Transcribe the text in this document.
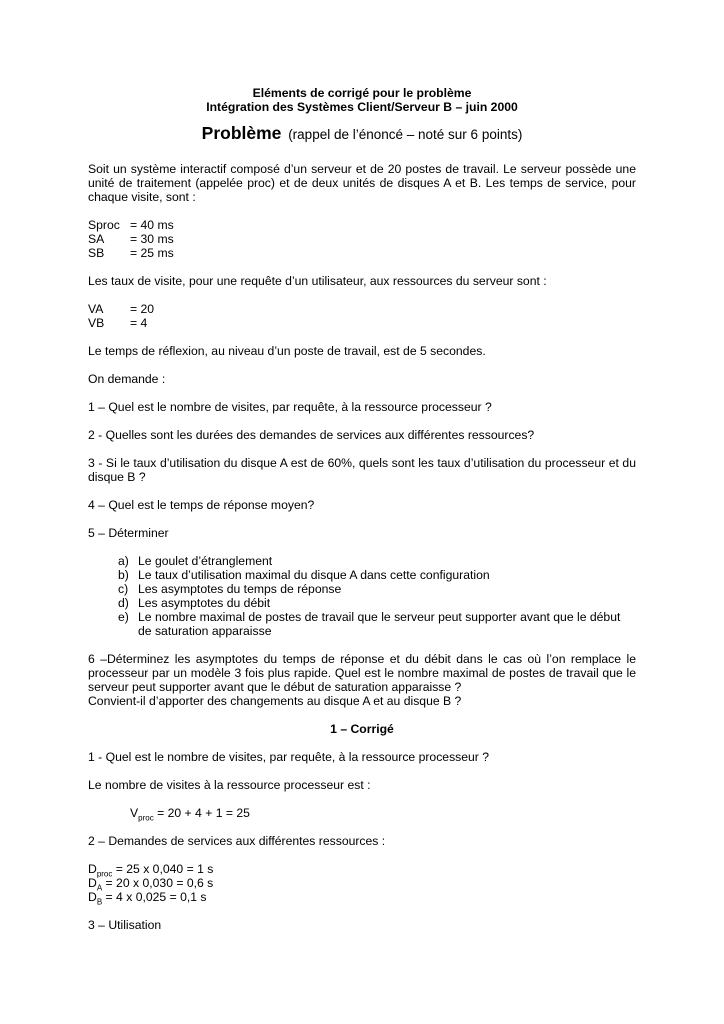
Eléments de corrigé pour le problème

Intégration des Systèmes Client/Serveur B – juin 2000

Problème (rappel de l’énoncé – noté sur 6 points)

Soit un système interactif composé d’un serveur et de 20 postes de travail. Le serveur possède une unité de traitement (appelée proc) et de deux unités de disques A et B. Les temps de service, pour chaque visite, sont :

Sproc = 40 ms
SA	= 30 ms
SB	= 25 ms

Les taux de visite, pour une requête d’un utilisateur, aux ressources du serveur sont :

VA	= 20
VB	= 4

Le temps de réflexion, au niveau d’un poste de travail, est de 5 secondes.

On demande :

1 – Quel est le nombre de visites, par requête, à la ressource processeur ?

2 - Quelles sont les durées des demandes de services aux différentes ressources?

3 - Si le taux d’utilisation du disque A est de 60%, quels sont les taux d’utilisation du processeur et du disque B ?

4 – Quel est le temps de réponse moyen?

5 – Déterminer

a) Le goulet d’étranglement
b) Le taux d’utilisation maximal du disque A dans cette configuration
c) Les asymptotes du temps de réponse
d) Les asymptotes du débit
e) Le nombre maximal de postes de travail que le serveur peut supporter avant que le début de saturation apparaisse

6 –Déterminez les asymptotes du temps de réponse et du débit dans le cas où l’on remplace le processeur par un modèle 3 fois plus rapide. Quel est le nombre maximal de postes de travail que le serveur peut supporter avant que le début de saturation apparaisse ?

Convient-il d’apporter des changements au disque A et au disque B ?

1 – Corrigé

1 - Quel est le nombre de visites, par requête, à la ressource processeur ?

Le nombre de visites à la ressource processeur est :

$V_{proc} = 20 + 4 + 1 = 25$

2 – Demandes de services aux différentes ressources :

$D_{proc} = 25$ x 0,040 = 1 s
$D_A = 20$ x 0,030 = 0,6 s
$D_B = 4$ x 0,025 = 0,1 s

3 – Utilisation
